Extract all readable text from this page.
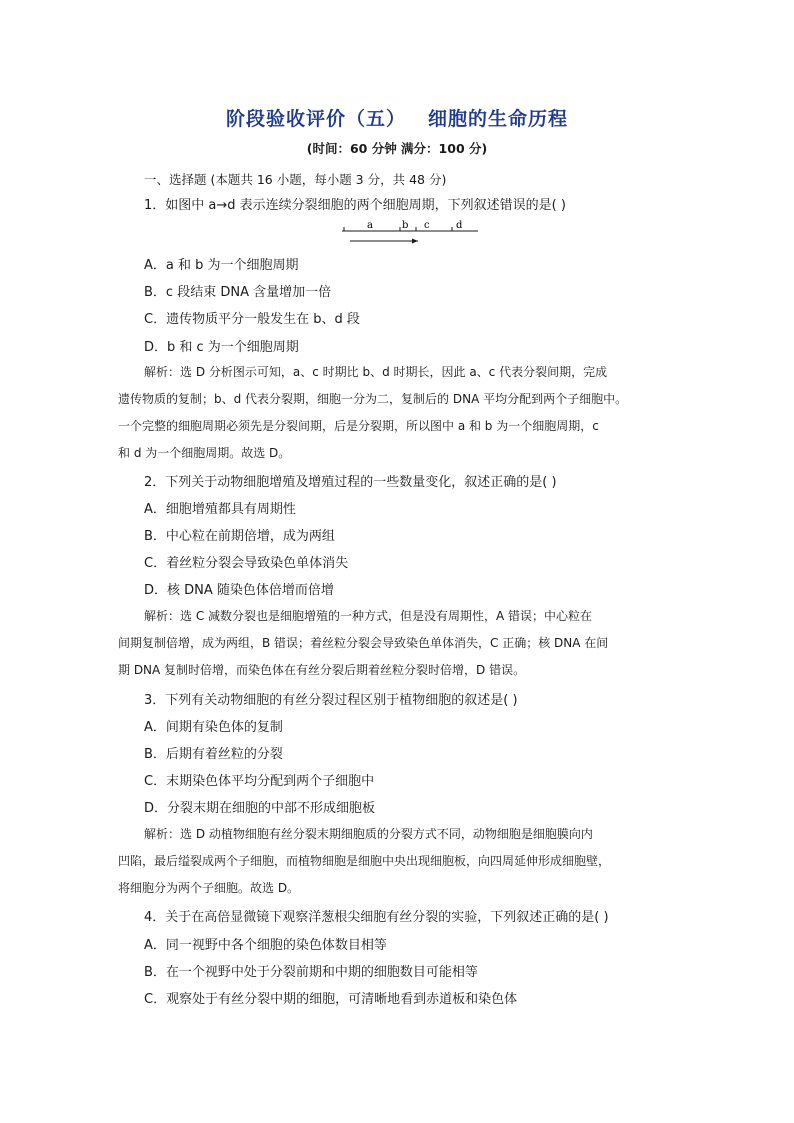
阶段验收评价（五） 细胞的生命历程
(时间：60 分钟 满分：100 分)
一、选择题 (本题共 16 小题，每小题 3 分，共 48 分)
1．如图中 a→d 表示连续分裂细胞的两个细胞周期，下列叙述错误的是( )
a	b c	d
A．a 和 b 为一个细胞周期
B．c 段结束 DNA 含量增加一倍
C．遗传物质平分一般发生在 b、d 段
D．b 和 c 为一个细胞周期
解析：选 D 分析图示可知，a、c 时期比 b、d 时期长，因此 a、c 代表分裂间期，完成
遗传物质的复制；b、d 代表分裂期，细胞一分为二，复制后的 DNA 平均分配到两个子细胞中。
一个完整的细胞周期必须先是分裂间期，后是分裂期，所以图中 a 和 b 为一个细胞周期，c
和 d 为一个细胞周期。故选 D。
2．下列关于动物细胞增殖及增殖过程的一些数量变化，叙述正确的是( )
A．细胞增殖都具有周期性
B．中心粒在前期倍增，成为两组
C．着丝粒分裂会导致染色单体消失
D．核 DNA 随染色体倍增而倍增
解析：选 C 减数分裂也是细胞增殖的一种方式，但是没有周期性，A 错误；中心粒在
间期复制倍增，成为两组，B 错误；着丝粒分裂会导致染色单体消失，C 正确；核 DNA 在间
期 DNA 复制时倍增，而染色体在有丝分裂后期着丝粒分裂时倍增，D 错误。
3．下列有关动物细胞的有丝分裂过程区别于植物细胞的叙述是( )
A．间期有染色体的复制
B．后期有着丝粒的分裂
C．末期染色体平均分配到两个子细胞中
D．分裂末期在细胞的中部不形成细胞板
解析：选 D 动植物细胞有丝分裂末期细胞质的分裂方式不同，动物细胞是细胞膜向内
凹陷，最后缢裂成两个子细胞，而植物细胞是细胞中央出现细胞板，向四周延伸形成细胞壁，
将细胞分为两个子细胞。故选 D。
4．关于在高倍显微镜下观察洋葱根尖细胞有丝分裂的实验，下列叙述正确的是( )
A．同一视野中各个细胞的染色体数目相等
B．在一个视野中处于分裂前期和中期的细胞数目可能相等
C．观察处于有丝分裂中期的细胞，可清晰地看到赤道板和染色体
